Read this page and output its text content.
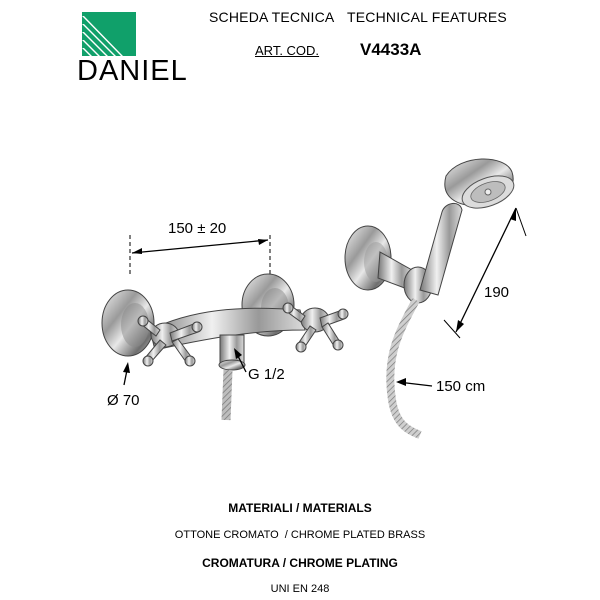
DANIEL
SCHEDA TECNICA TECHNICAL FEATURES
ART. COD. V4433A
150 ± 20
Ø 70
G 1/2
190
150 cm
MATERIALI / MATERIALS
OTTONE CROMATO  / CHROME PLATED BRASS
CROMATURA / CHROME PLATING
UNI EN 248
